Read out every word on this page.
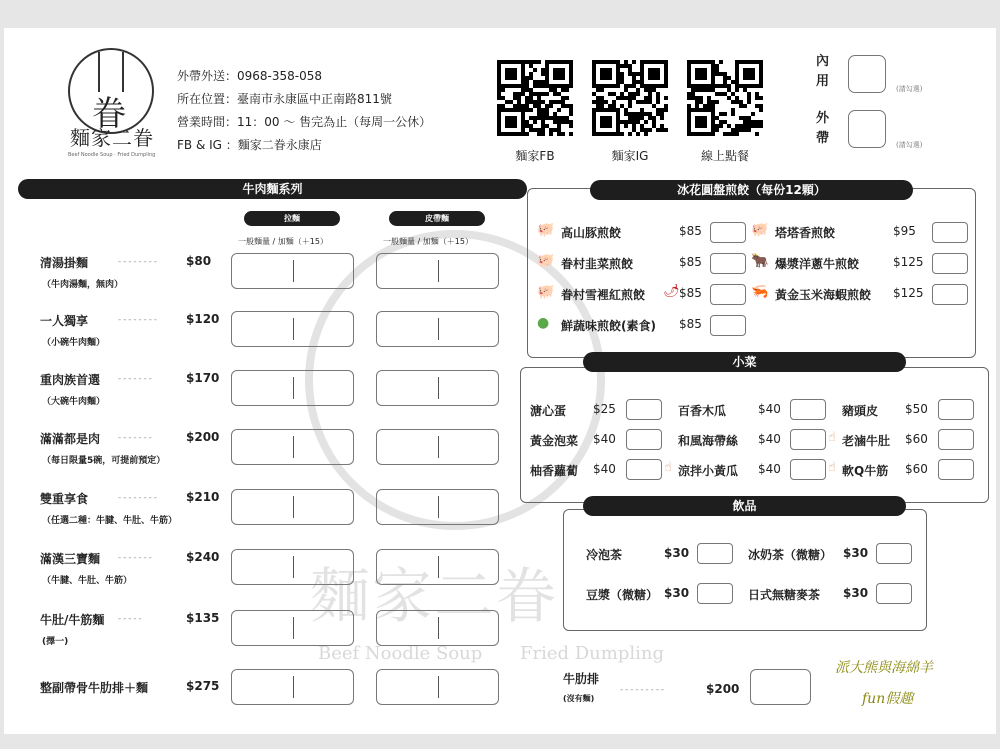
麵家二眷
Beef Noodle Soup Fried Dumpling
眷
麵家二眷
Beef Noodle Soup · Fried Dumpling
內用	(請勾選)
外帶	(請勾選)
牛肉麵系列
拉麵	皮帶麵
一般麵量 / 加麵（＋15）	一般麵量 / 加麵（＋15）
冰花圓盤煎餃（每份12顆）
小菜
飲品
牛肋排
(沒有麵)
- - - - - - - - -	$200
派大熊與海綿羊
fun假趣
外帶外送：0968-358-058
所在位置：臺南市永康區中正南路811號
營業時間：11：00 ～ 售完為止（每周一公休）
FB & IG ：麵家二眷永康店
麵家FB	麵家IG	線上點餐
清湯掛麵	- - - - - - - - $80
（牛肉湯麵，無肉）
一人獨享	- - - - - - - - $120
（小碗牛肉麵）
重肉族首選 - - - - - - -	$170
（大碗牛肉麵）
滿滿都是肉 - - - - - - -	$200
（每日限量5碗，可提前預定）
雙重享食	- - - - - - - - $210
（任選二種：牛腱、牛肚、牛筋）
滿漢三寶麵 - - - - - - -	$240
（牛腱、牛肚、牛筋）
牛肚/牛筋麵 - - - - -	$135
(擇一)
整副帶骨牛肋排＋麵	$275
🐖 高山豚煎餃	$85	🐖 塔塔香煎餃	$95
🐖 眷村韭菜煎餃	$85	🐂 爆漿洋蔥牛煎餃	$125
🐖 眷村雪裡紅煎餃 🌶 $85	🦐 黃金玉米海蝦煎餃 $125
● 鮮蔬味煎餃(素食) $85
溏心蛋 $25	百香木瓜	$40	豬頭皮 $50
黃金泡菜 $40	和風海帶絲 $40	☝ 老滷牛肚 $60
柚香蘿蔔 $40	☝ 涼拌小黃瓜 $40	☝ 軟Q牛筋 $60
冷泡茶	$30	冰奶茶（微糖） $30
豆漿（微糖） $30	日式無糖麥茶 $30
